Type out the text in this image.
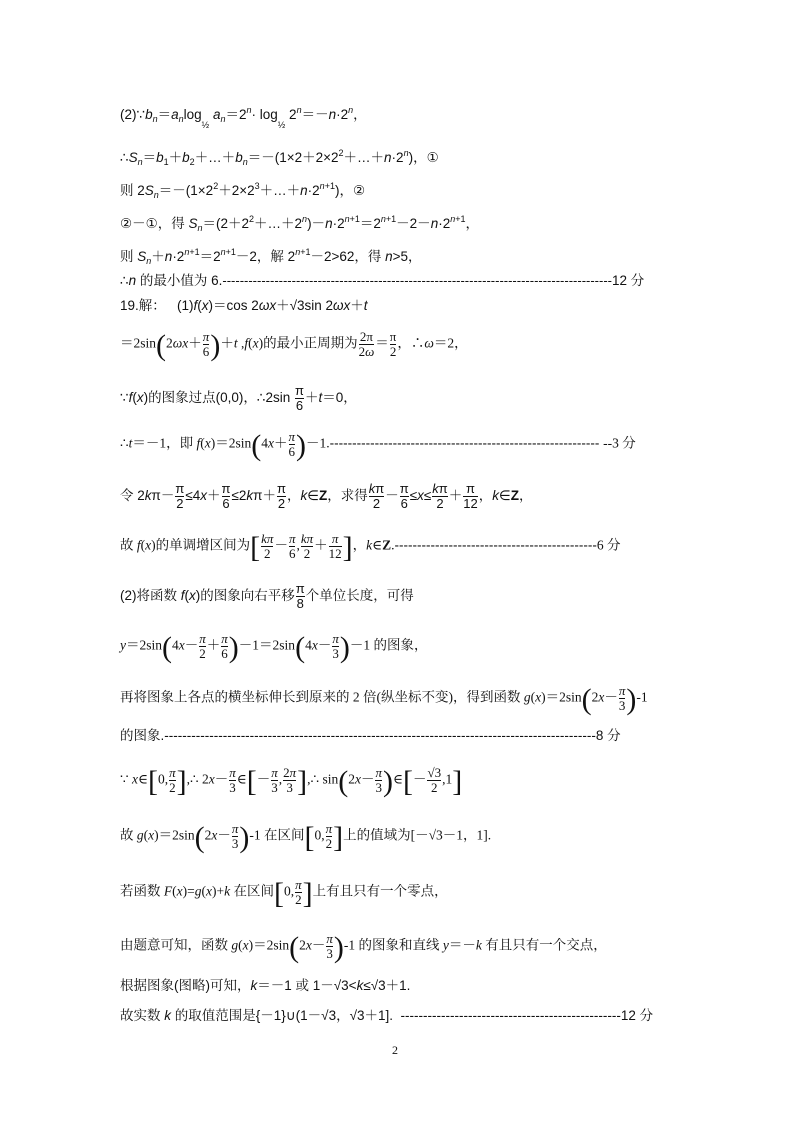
$(2)\because b_n=a_n\log_{\frac{1}{2}}$ $a_n=2^n\cdot \log_{\frac{1}{2}} 2^n=-n\cdot 2^n$，
$\therefore S_n=b_1+b_2+\dots+b_n=-(1\times 2+2\times 2^2+\dots+n\cdot 2^n)$，①
则 $2S_n=-(1\times 2^2+2\times 2^3+\dots+n\cdot 2^{n+1})$，②
②－①，得 $S_n=(2+2^2+\dots+2^n)-n\cdot 2^{n+1}=2^{n+1}-2-n\cdot 2^{n+1}$，
则 $S_n+n\cdot 2^{n+1}=2^{n+1}-2$，解 $2^{n+1}-2>62$，得 n>5，
∴n 的最小值为 6.------------------------------------------------------------------------------------------12 分
19.解：   (1)f(x)＝cos 2ωx＋√3sin 2ωx＋t
$=2\sin(2\omega x+ \frac{\pi}{6} )+t$ ,f(x)的最小正周期为 $\frac{2\pi}{2\omega} = \frac{\pi}{2}$ ，∴ω＝2，
∵f(x)的图象过点(0,0)，∴2sin $\frac{\pi}{6} +t=0$，
∴t＝－1，即 $f(x)=2\sin(4x+ \frac{\pi}{6} )-1.------------------------------------------------------------$ --3 分
令 $2k\pi- \frac{\pi}{2} \le 4x+ \frac{\pi}{6} \le 2k\pi+ \frac{\pi}{2}$ ，k∈Z，求得 $\frac{k\pi}{2} - \frac{\pi}{6} \le x\le \frac{k\pi}{2} + \frac{\pi}{12}$ ，k∈Z，
故 f(x)的单调增区间为[ $\frac{k\pi}{2} - \frac{\pi}{6}$ , $\frac{k\pi}{2} + \frac{\pi}{12}$ ]，k∈Z.---------------------------------------------6 分
(2)将函数 f(x)的图象向右平移 $\frac{\pi}{8}$ 个单位长度，可得
$y=2\sin(4x- \frac{\pi}{2} + \frac{\pi}{6} )-1=2\sin(4x- \frac{\pi}{3} )-1$ 的图象，
再将图象上各点的横坐标伸长到原来的 2 倍(纵坐标不变)，得到函数 $g(x)=2\sin(2x- \frac{\pi}{3} )-1$
的图象.------------------------------------------------------------------------------------------------8 分
∵ x∈[0, $\frac{\pi}{2}$ ],∴ $2x- \frac{\pi}{3}$ ∈[－ $\frac{\pi}{3}$ , $\frac{2\pi}{3}$ ],∴ $\sin(2x- \frac{\pi}{3}$ )∈[－ $\frac{√3}{2} ,1$]
故 $g(x)=2\sin(2x- \frac{\pi}{3} )-1$ 在区间[0, $\frac{\pi}{2}$ ]上的值域为[－√3－1，1].
若函数 F(x)=g(x)+k 在区间[0, $\frac{\pi}{2}$ ]上有且只有一个零点，
由题意可知，函数 $g(x)=2\sin(2x- \frac{\pi}{3} )-1$ 的图象和直线 y＝－k 有且只有一个交点，
根据图象(图略)可知，k＝－1 或 1－√3<k≤√3＋1.
故实数 k 的取值范围是{－1}∪(1－√3，√3＋1].  -------------------------------------------------12 分
2
